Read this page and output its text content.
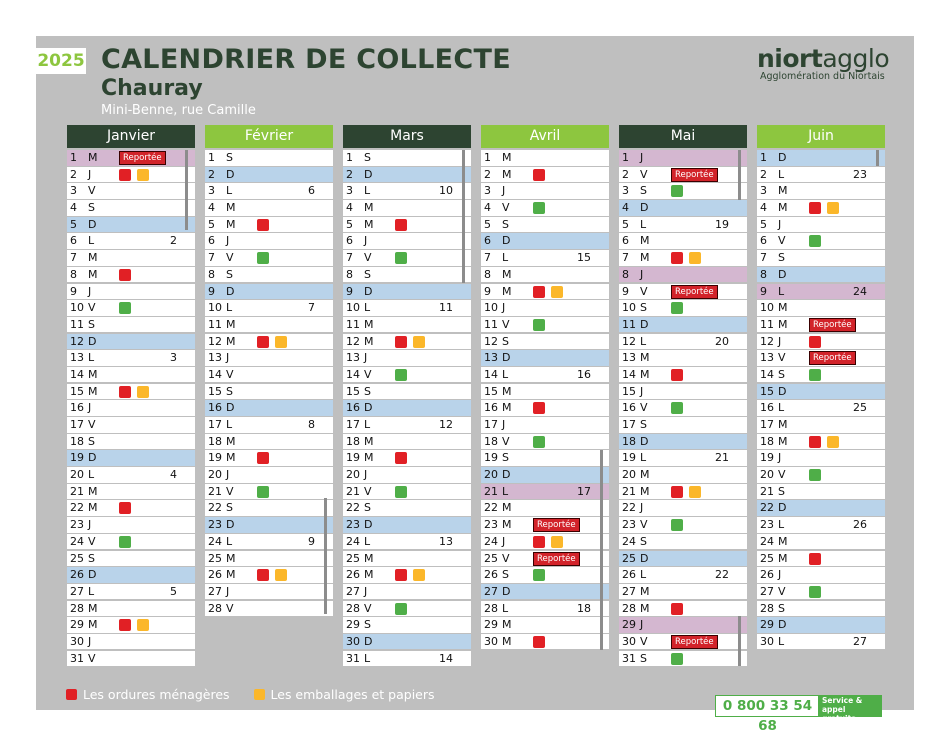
2025 CALENDRIER DE COLLECTE
Chauray
Mini-Benne, rue Camille
niortagglo
Agglomération du Niortais
Janvier
1	M	Reportée
2	J
3	V
4	S
5	D
6	L	2
7	M
8	M
9	J
10 V
11 S
12 D
13 L	3
14 M
15 M
16 J
17 V
18 S
19 D
20 L	4
21 M
22 M
23 J
24 V
25 S
26 D
27 L	5
28 M
29 M
30 J
31 V
Février
1	S
2	D
3	L	6
4	M
5	M
6	J
7	V
8	S
9	D
10 L	7
11 M
12 M
13 J
14 V
15 S
16 D
17 L	8
18 M
19 M
20 J
21 V
22 S
23 D
24 L	9
25 M
26 M
27 J
28 V
Mars
1	S
2	D
3	L	10
4	M
5	M
6	J
7	V
8	S
9	D
10 L	11
11 M
12 M
13 J
14 V
15 S
16 D
17 L	12
18 M
19 M
20 J
21 V
22 S
23 D
24 L	13
25 M
26 M
27 J
28 V
29 S
30 D
31 L	14
Avril
1	M
2	M
3	J
4	V
5	S
6	D
7	L	15
8	M
9	M
10 J
11 V
12 S
13 D
14 L	16
15 M
16 M
17 J
18 V
19 S
20 D
21 L	17
22 M
23 M	Reportée
24 J
25 V	Reportée
26 S
27 D
28 L	18
29 M
30 M
Mai
1	J
2	V	Reportée
3	S
4	D
5	L	19
6	M
7	M
8	J
9	V	Reportée
10 S
11 D
12 L	20
13 M
14 M
15 J
16 V
17 S
18 D
19 L	21
20 M
21 M
22 J
23 V
24 S
25 D
26 L	22
27 M
28 M
29 J
30 V	Reportée
31 S
Juin
1	D
2	L	23
3	M
4	M
5	J
6	V
7	S
8	D
9	L	24
10 M
11 M	Reportée
12 J
13 V	Reportée
14 S
15 D
16 L	25
17 M
18 M
19 J
20 V
21 S
22 D
23 L	26
24 M
25 M
26 J
27 V
28 S
29 D
30 L	27
Les ordures ménagères	Les emballages et papiers
0 800 33 54 68
Service & appel
gratuits
